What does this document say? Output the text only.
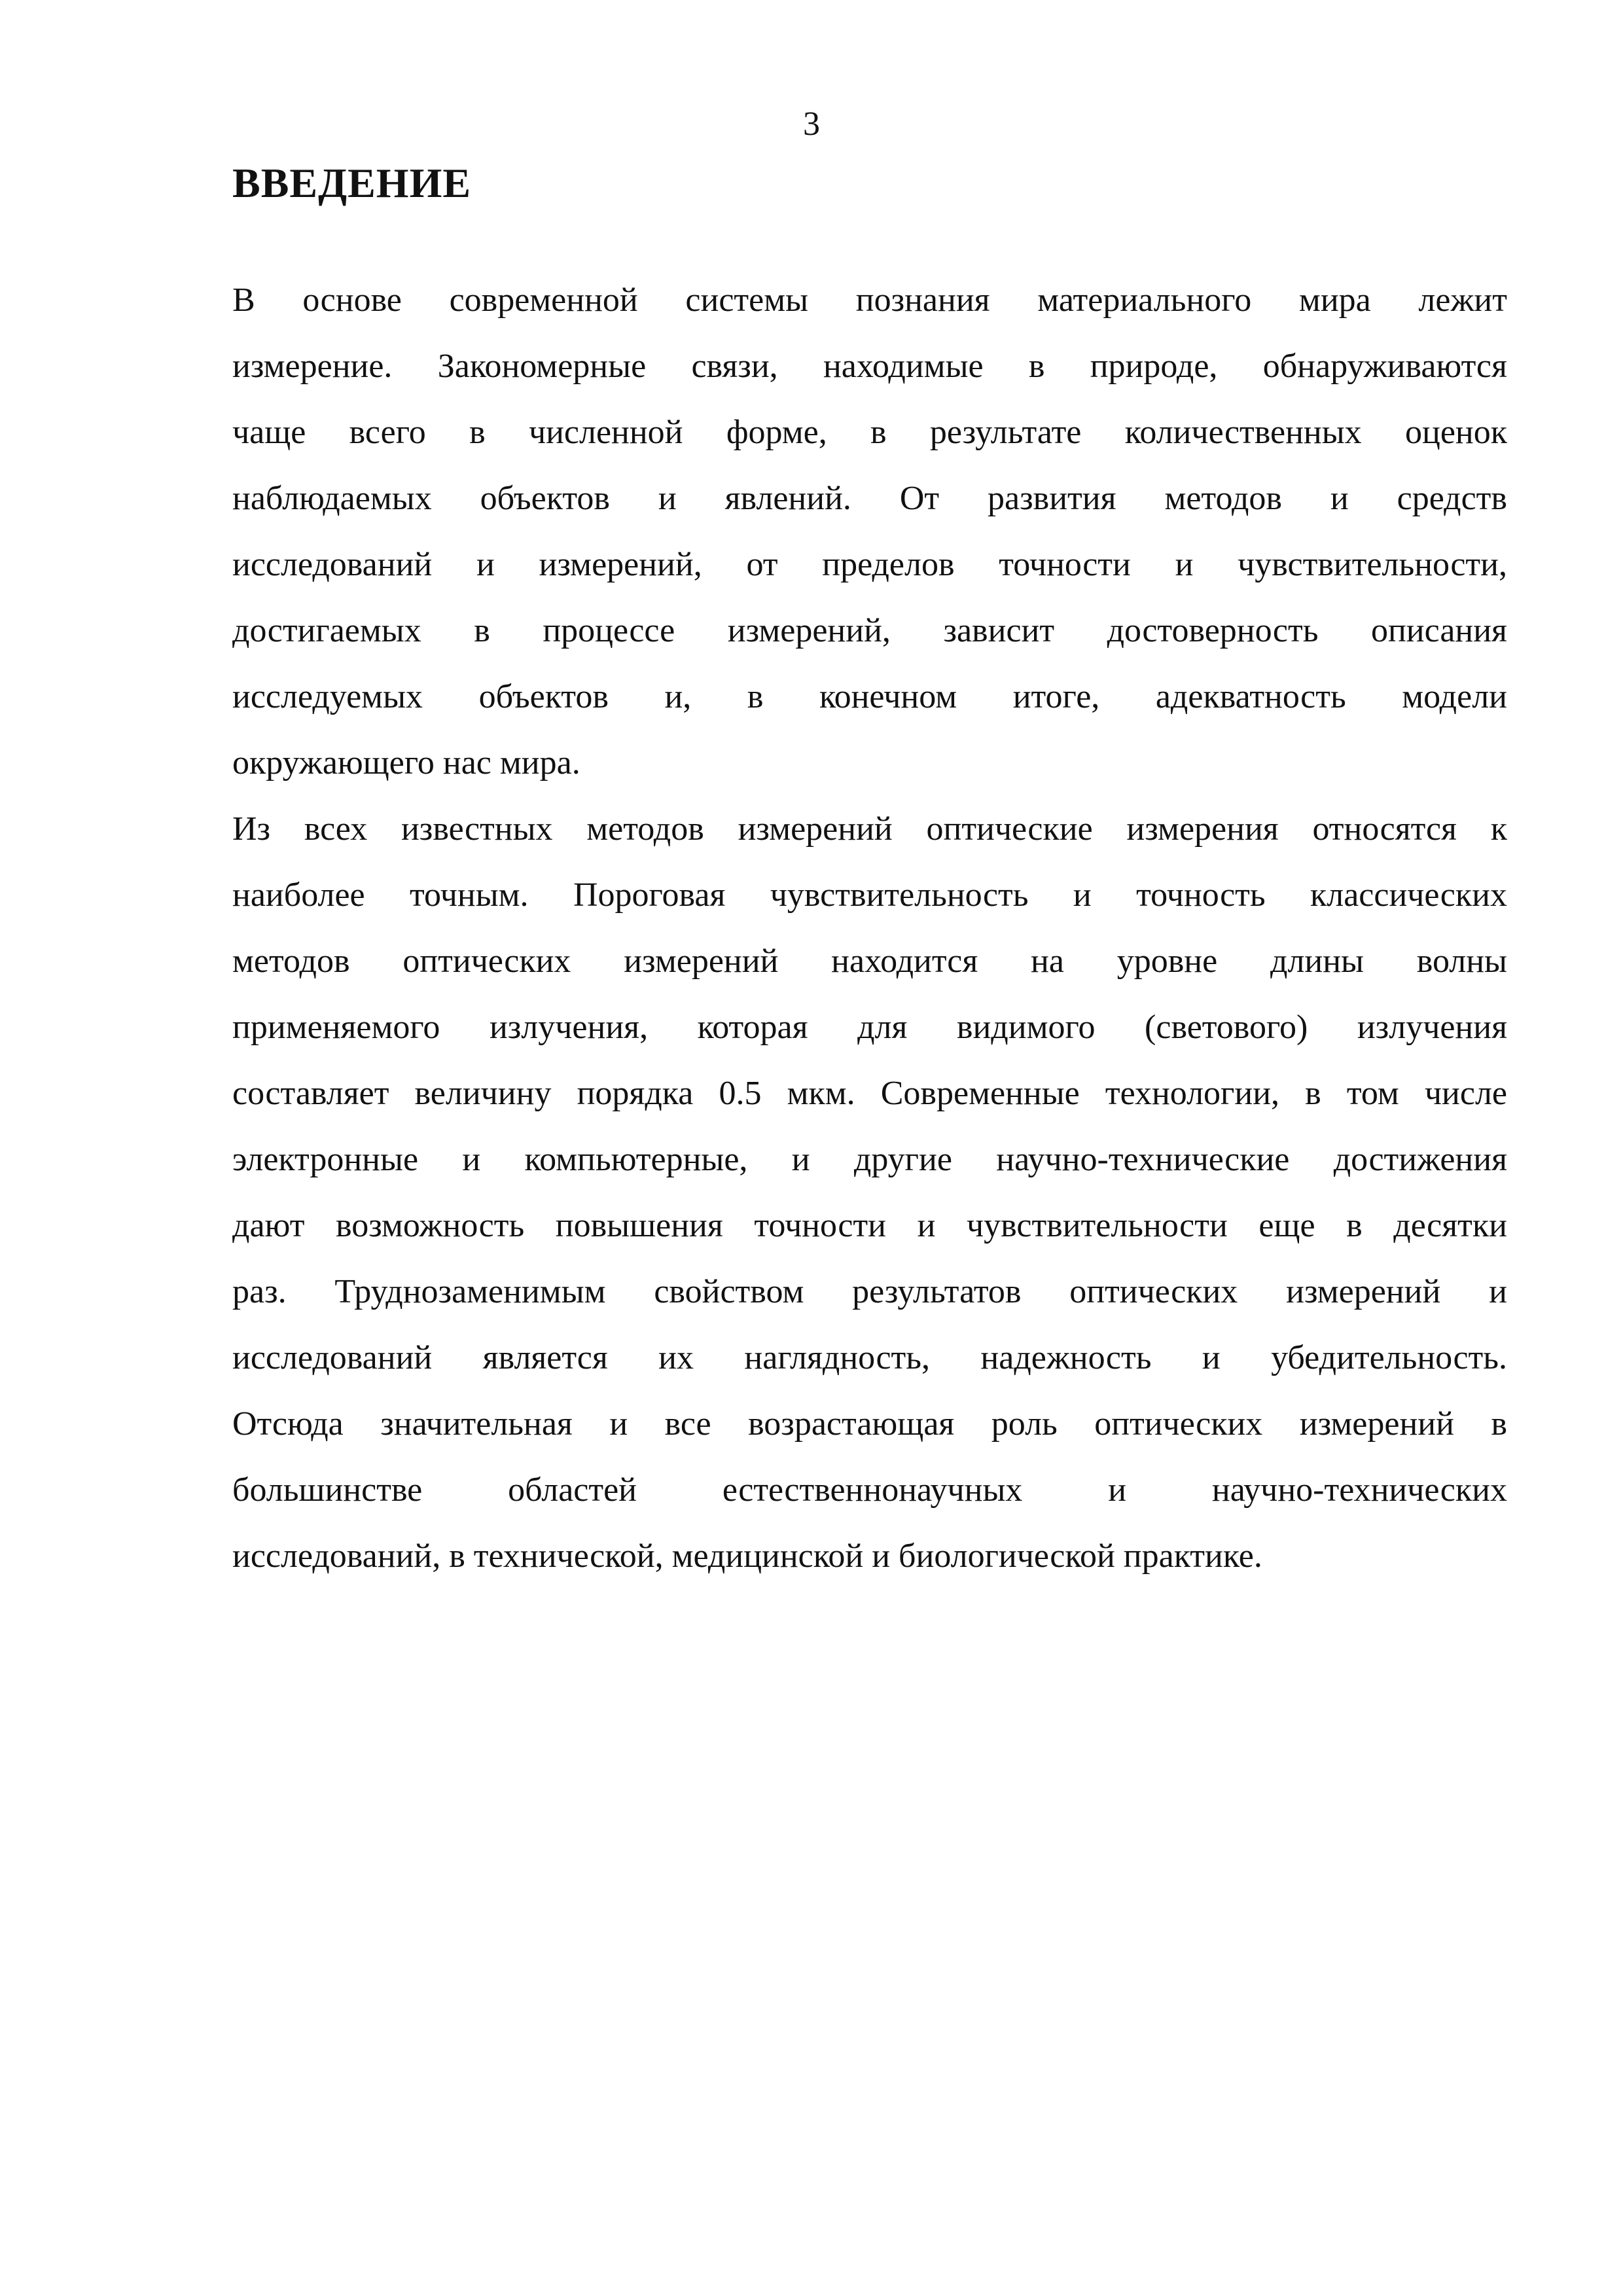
3
ВВЕДЕНИЕ
В основе современной системы познания материального мира лежит
измерение. Закономерные связи, находимые в природе, обнаруживаются
чаще всего в численной форме, в результате количественных оценок
наблюдаемых объектов и явлений. От развития методов и средств
исследований и измерений, от пределов точности и чувствительности,
достигаемых в процессе измерений, зависит достоверность описания
исследуемых объектов и, в конечном итоге, адекватность модели
окружающего нас мира.
Из всех известных методов измерений оптические измерения относятся к
наиболее точным. Пороговая чувствительность и точность классических
методов оптических измерений находится на уровне длины волны
применяемого излучения, которая для видимого (светового) излучения
составляет величину порядка 0.5 мкм. Современные технологии, в том числе
электронные и компьютерные, и другие научно-технические достижения
дают возможность повышения точности и чувствительности еще в десятки
раз. Труднозаменимым свойством результатов оптических измерений и
исследований является их наглядность, надежность и убедительность.
Отсюда значительная и все возрастающая роль оптических измерений в
большинстве	областей	естественнонаучных	и	научно-технических
исследований, в технической, медицинской и биологической практике.
